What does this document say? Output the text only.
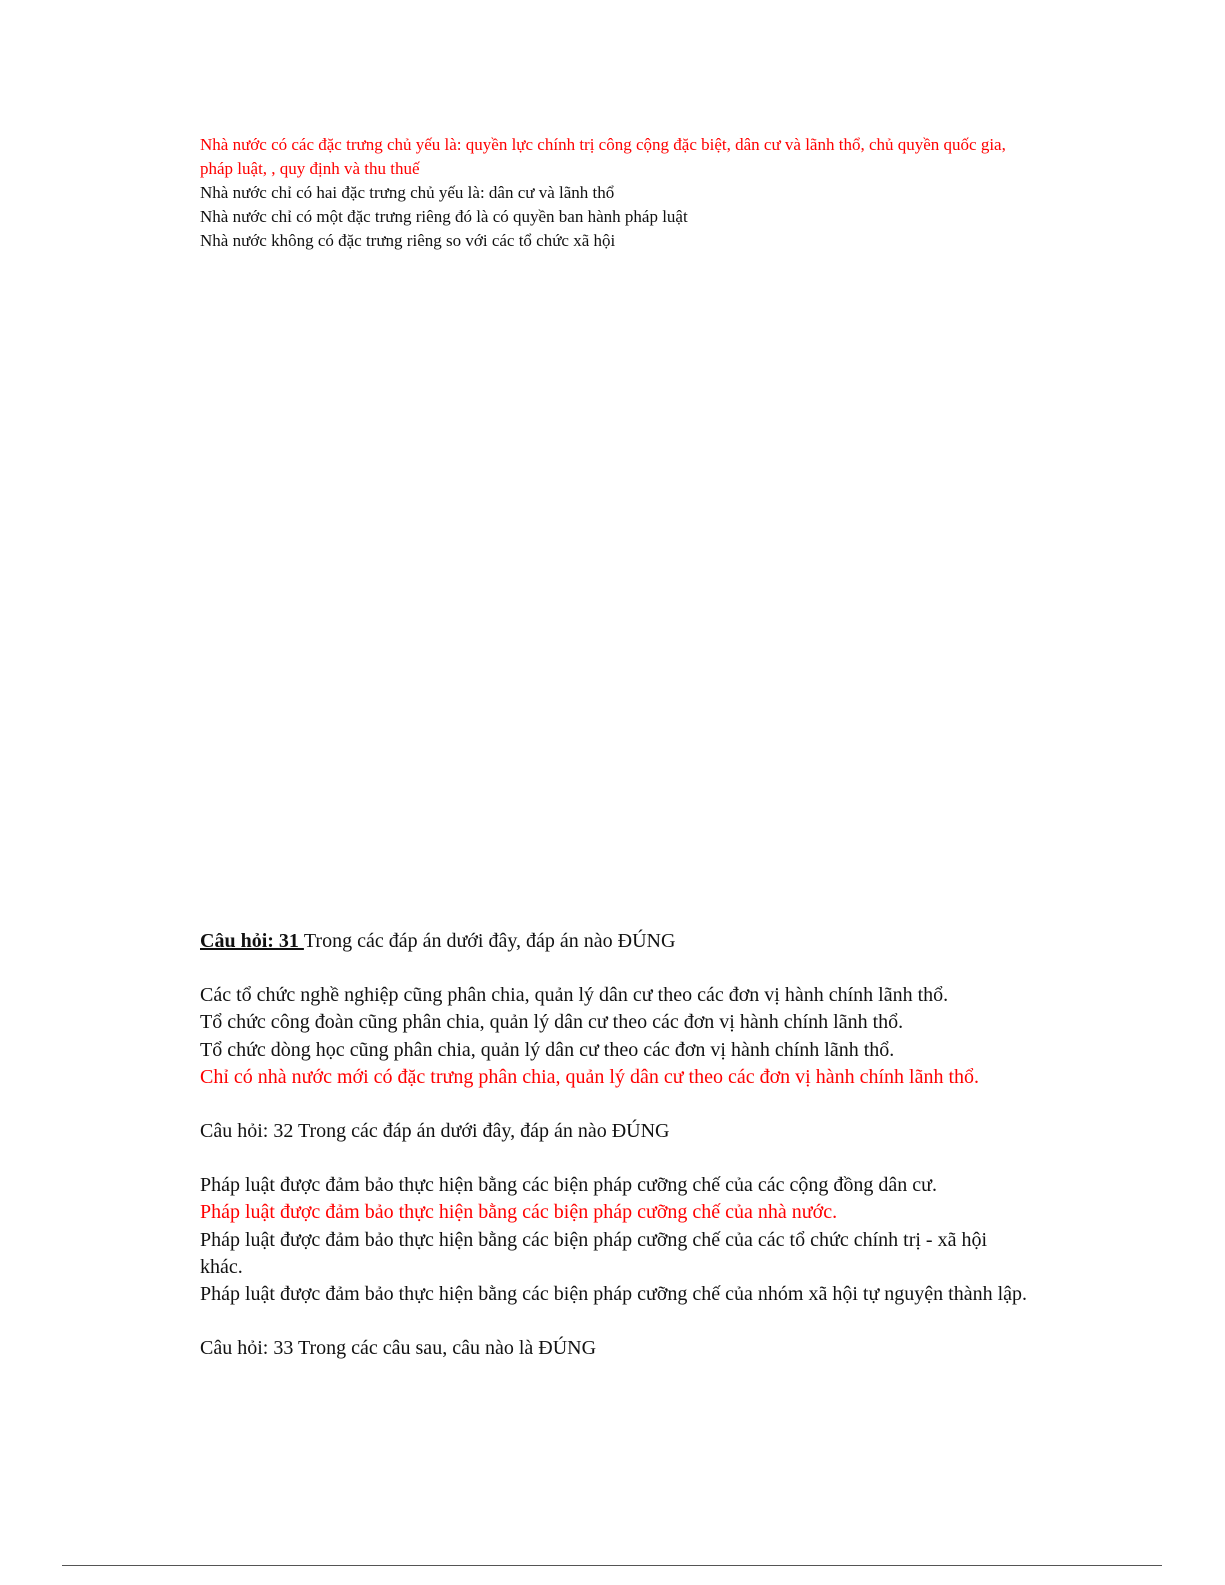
Nhà nước có các đặc trưng chủ yếu là: quyền lực chính trị công cộng đặc biệt, dân cư và lãnh thổ, chủ quyền quốc gia, pháp luật, , quy định và thu thuế

Nhà nước chỉ có hai đặc trưng chủ yếu là: dân cư và lãnh thổ

Nhà nước chỉ có một đặc trưng riêng đó là có quyền ban hành pháp luật

Nhà nước không có đặc trưng riêng so với các tổ chức xã hội

Câu hỏi: 31 Trong các đáp án dưới đây, đáp án nào ĐÚNG

Các tổ chức nghề nghiệp cũng phân chia, quản lý dân cư theo các đơn vị hành chính lãnh thổ.

Tổ chức công đoàn cũng phân chia, quản lý dân cư theo các đơn vị hành chính lãnh thổ.

Tổ chức dòng học cũng phân chia, quản lý dân cư theo các đơn vị hành chính lãnh thổ.

Chỉ có nhà nước mới có đặc trưng phân chia, quản lý dân cư theo các đơn vị hành chính lãnh thổ.

Câu hỏi: 32 Trong các đáp án dưới đây, đáp án nào ĐÚNG

Pháp luật được đảm bảo thực hiện bằng các biện pháp cưỡng chế của các cộng đồng dân cư.

Pháp luật được đảm bảo thực hiện bằng các biện pháp cưỡng chế của nhà nước.

Pháp luật được đảm bảo thực hiện bằng các biện pháp cưỡng chế của các tổ chức chính trị - xã hội khác.

Pháp luật được đảm bảo thực hiện bằng các biện pháp cưỡng chế của nhóm xã hội tự nguyện thành lập.

Câu hỏi: 33 Trong các câu sau, câu nào là ĐÚNG
